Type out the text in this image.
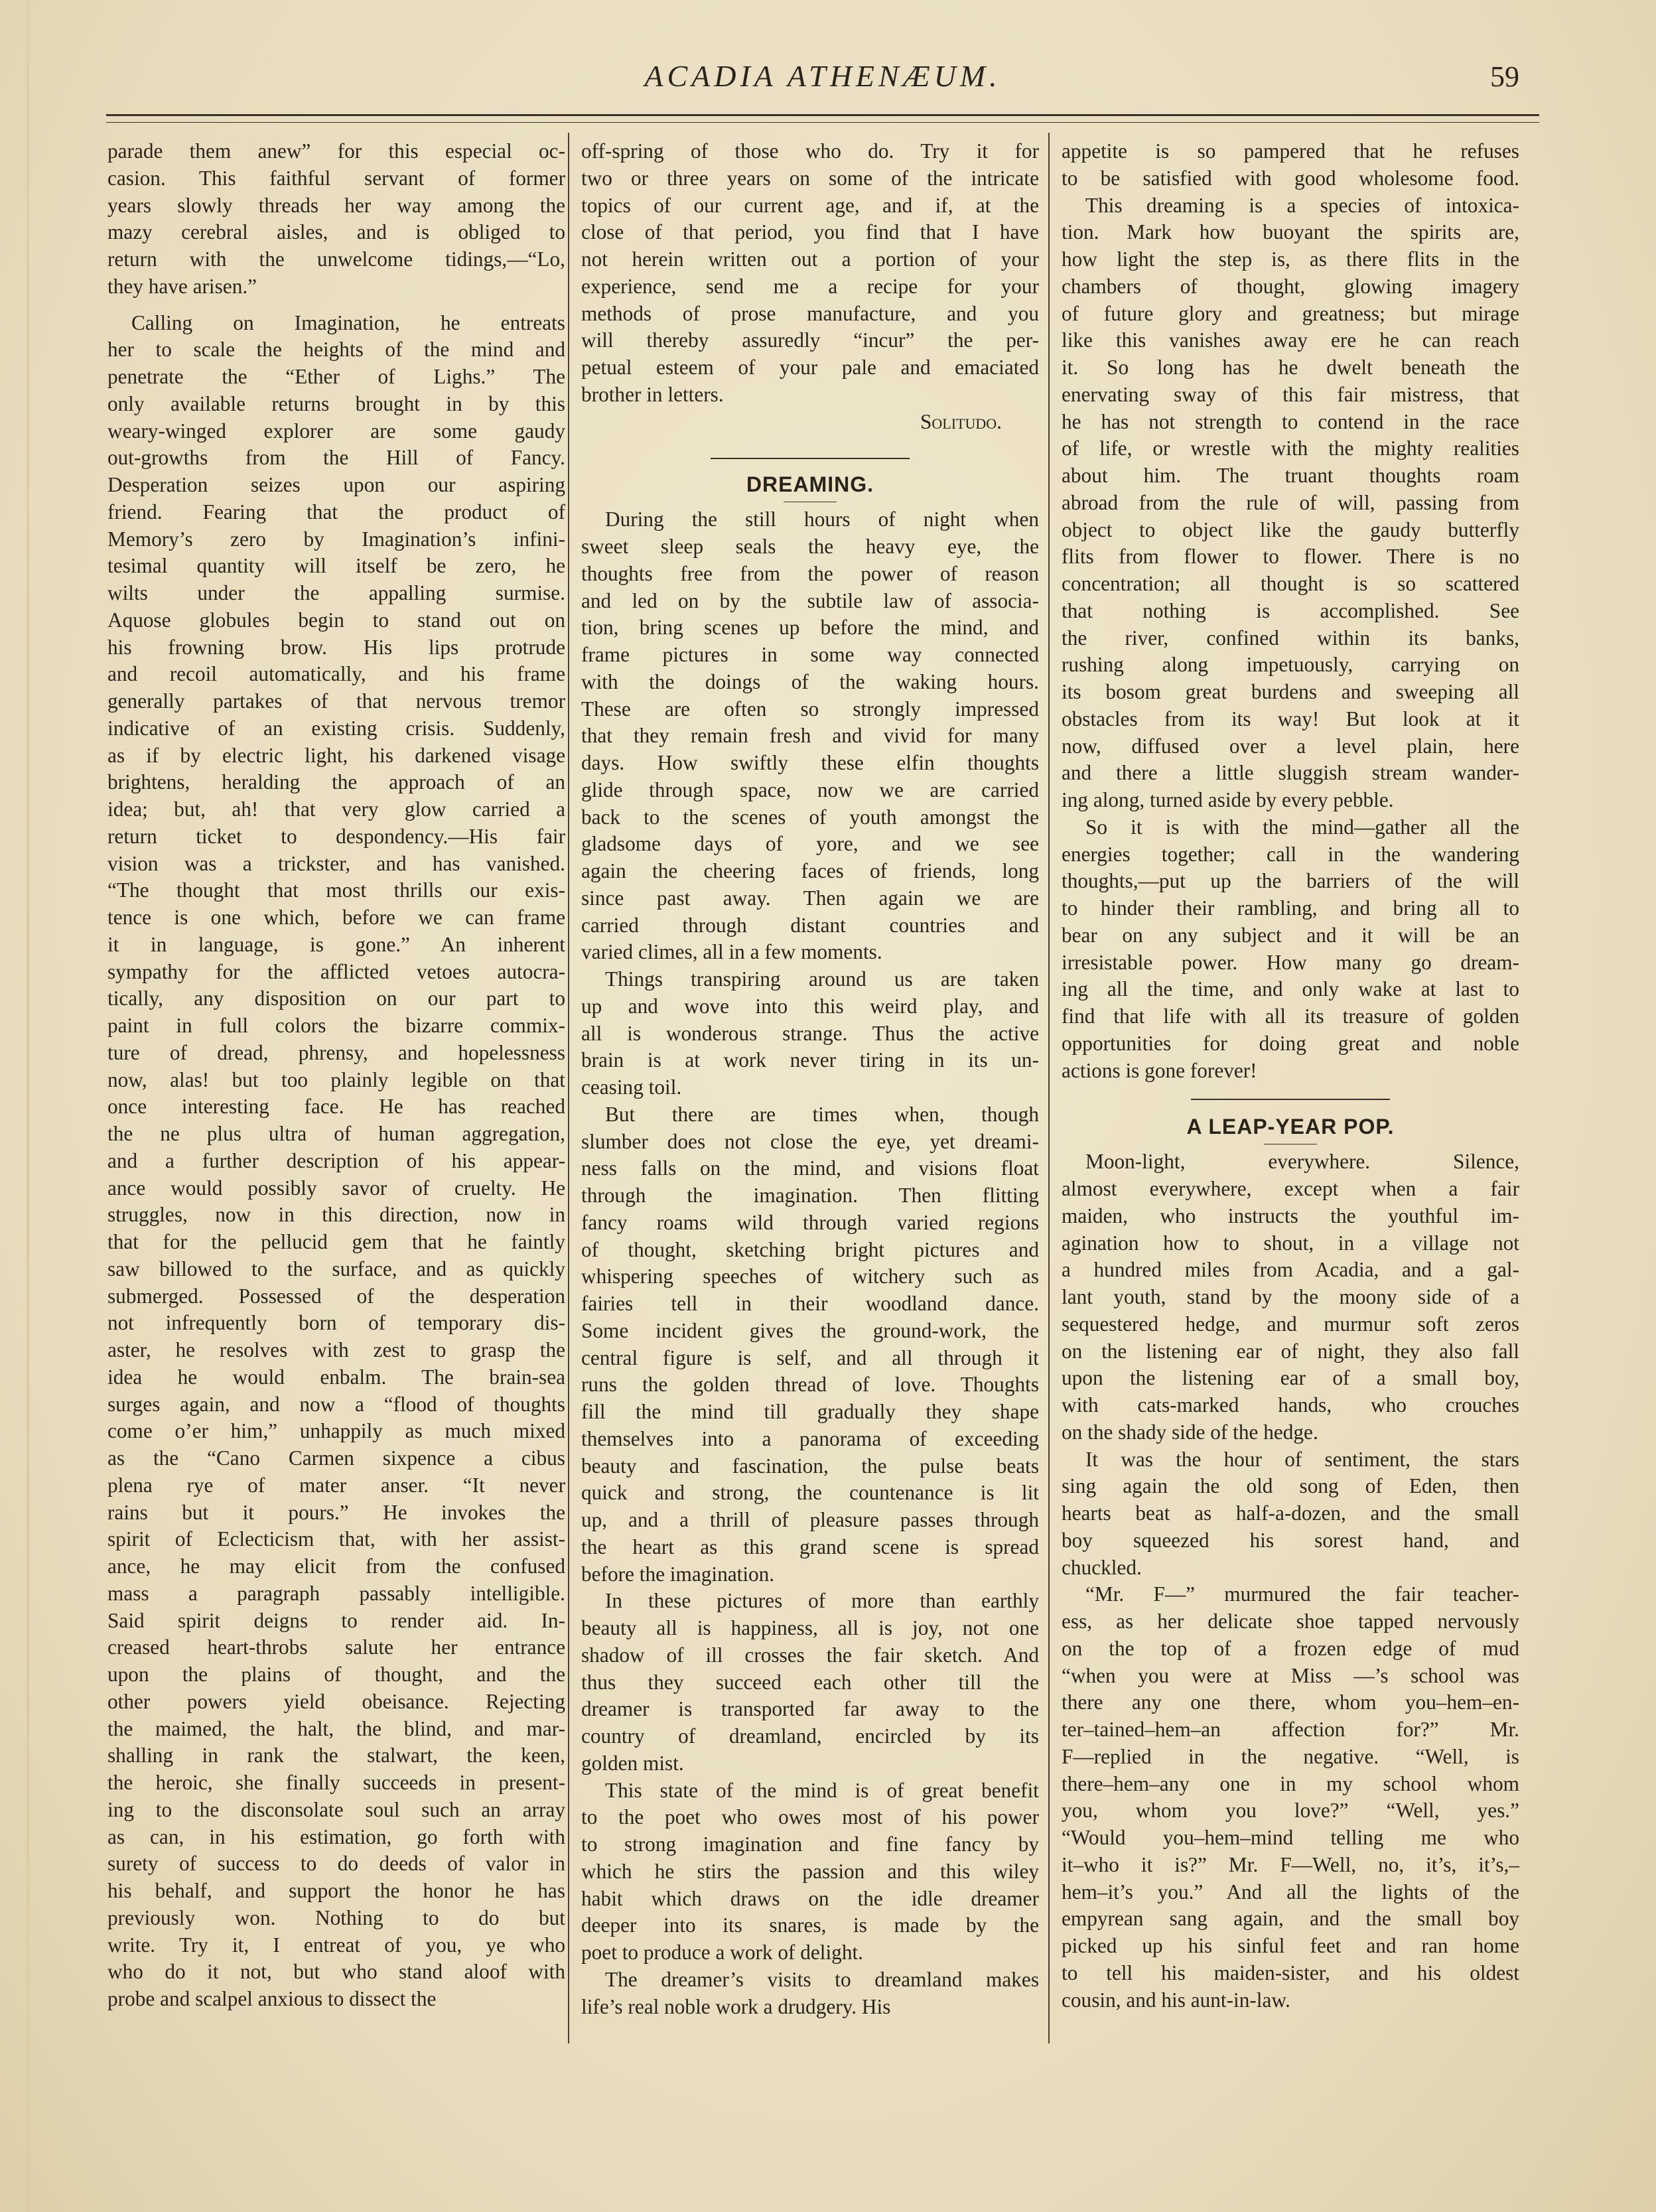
ACADIA ATHENÆUM.	59
parade them anew” for this especial oc-
casion. This faithful servant of former
years slowly threads her way among the
mazy cerebral aisles, and is obliged to
return with the unwelcome tidings,—“Lo,
they have arisen.”
Calling on Imagination, he entreats
her to scale the heights of the mind and
penetrate the “Ether of Lighs.” The
only available returns brought in by this
weary-winged explorer are some gaudy
out-growths from the Hill of Fancy.
Desperation seizes upon our aspiring
friend. Fearing that the product of
Memory’s zero by Imagination’s infini-
tesimal quantity will itself be zero, he
wilts under the appalling surmise.
Aquose globules begin to stand out on
his frowning brow. His lips protrude
and recoil automatically, and his frame
generally partakes of that nervous tremor
indicative of an existing crisis. Suddenly,
as if by electric light, his darkened visage
brightens, heralding the approach of an
idea; but, ah! that very glow carried a
return ticket to despondency.—His fair
vision was a trickster, and has vanished.
“The thought that most thrills our exis-
tence is one which, before we can frame
it in language, is gone.” An inherent
sympathy for the afflicted vetoes autocra-
tically, any disposition on our part to
paint in full colors the bizarre commix-
ture of dread, phrensy, and hopelessness
now, alas! but too plainly legible on that
once interesting face. He has reached
the ne plus ultra of human aggregation,
and a further description of his appear-
ance would possibly savor of cruelty. He
struggles, now in this direction, now in
that for the pellucid gem that he faintly
saw billowed to the surface, and as quickly
submerged. Possessed of the desperation
not infrequently born of temporary dis-
aster, he resolves with zest to grasp the
idea he would enbalm. The brain-sea
surges again, and now a “flood of thoughts
come o’er him,” unhappily as much mixed
as the “Cano Carmen sixpence a cibus
plena rye of mater anser. “It never
rains but it pours.” He invokes the
spirit of Eclecticism that, with her assist-
ance, he may elicit from the confused
mass a paragraph passably intelligible.
Said spirit deigns to render aid. In-
creased heart-throbs salute her entrance
upon the plains of thought, and the
other powers yield obeisance. Rejecting
the maimed, the halt, the blind, and mar-
shalling in rank the stalwart, the keen,
the heroic, she finally succeeds in present-
ing to the disconsolate soul such an array
as can, in his estimation, go forth with
surety of success to do deeds of valor in
his behalf, and support the honor he has
previously won. Nothing to do but
write. Try it, I entreat of you, ye who
who do it not, but who stand aloof with
probe and scalpel anxious to dissect the
off-spring of those who do. Try it for
two or three years on some of the intricate
topics of our current age, and if, at the
close of that period, you find that I have
not herein written out a portion of your
experience, send me a recipe for your
methods of prose manufacture, and you
will thereby assuredly “incur” the per-
petual esteem of your pale and emaciated
brother in letters.
Solitudo.
DREAMING.
During the still hours of night when
sweet sleep seals the heavy eye, the
thoughts free from the power of reason
and led on by the subtile law of associa-
tion, bring scenes up before the mind, and
frame pictures in some way connected
with the doings of the waking hours.
These are often so strongly impressed
that they remain fresh and vivid for many
days. How swiftly these elfin thoughts
glide through space, now we are carried
back to the scenes of youth amongst the
gladsome days of yore, and we see
again the cheering faces of friends, long
since past away. Then again we are
carried through distant countries and
varied climes, all in a few moments.
Things transpiring around us are taken
up and wove into this weird play, and
all is wonderous strange. Thus the active
brain is at work never tiring in its un-
ceasing toil.
But there are times when, though
slumber does not close the eye, yet dreami-
ness falls on the mind, and visions float
through the imagination. Then flitting
fancy roams wild through varied regions
of thought, sketching bright pictures and
whispering speeches of witchery such as
fairies tell in their woodland dance.
Some incident gives the ground-work, the
central figure is self, and all through it
runs the golden thread of love. Thoughts
fill the mind till gradually they shape
themselves into a panorama of exceeding
beauty and fascination, the pulse beats
quick and strong, the countenance is lit
up, and a thrill of pleasure passes through
the heart as this grand scene is spread
before the imagination.
In these pictures of more than earthly
beauty all is happiness, all is joy, not one
shadow of ill crosses the fair sketch. And
thus they succeed each other till the
dreamer is transported far away to the
country of dreamland, encircled by its
golden mist.
This state of the mind is of great benefit
to the poet who owes most of his power
to strong imagination and fine fancy by
which he stirs the passion and this wiley
habit which draws on the idle dreamer
deeper into its snares, is made by the
poet to produce a work of delight.
The dreamer’s visits to dreamland makes
life’s real noble work a drudgery. His
appetite is so pampered that he refuses
to be satisfied with good wholesome food.
This dreaming is a species of intoxica-
tion. Mark how buoyant the spirits are,
how light the step is, as there flits in the
chambers of thought, glowing imagery
of future glory and greatness; but mirage
like this vanishes away ere he can reach
it. So long has he dwelt beneath the
enervating sway of this fair mistress, that
he has not strength to contend in the race
of life, or wrestle with the mighty realities
about him. The truant thoughts roam
abroad from the rule of will, passing from
object to object like the gaudy butterfly
flits from flower to flower. There is no
concentration; all thought is so scattered
that nothing is accomplished. See
the river, confined within its banks,
rushing along impetuously, carrying on
its bosom great burdens and sweeping all
obstacles from its way! But look at it
now, diffused over a level plain, here
and there a little sluggish stream wander-
ing along, turned aside by every pebble.
So it is with the mind—gather all the
energies together; call in the wandering
thoughts,—put up the barriers of the will
to hinder their rambling, and bring all to
bear on any subject and it will be an
irresistable power. How many go dream-
ing all the time, and only wake at last to
find that life with all its treasure of golden
opportunities for doing great and noble
actions is gone forever!
A LEAP-YEAR POP.
Moon-light, everywhere. Silence,
almost everywhere, except when a fair
maiden, who instructs the youthful im-
agination how to shout, in a village not
a hundred miles from Acadia, and a gal-
lant youth, stand by the moony side of a
sequestered hedge, and murmur soft zeros
on the listening ear of night, they also fall
upon the listening ear of a small boy,
with cats-marked hands, who crouches
on the shady side of the hedge.
It was the hour of sentiment, the stars
sing again the old song of Eden, then
hearts beat as half-a-dozen, and the small
boy squeezed his sorest hand, and
chuckled.
“Mr. F—” murmured the fair teacher-
ess, as her delicate shoe tapped nervously
on the top of a frozen edge of mud
“when you were at Miss —’s school was
there any one there, whom you–hem–en-
ter–tained–hem–an affection for?” Mr.
F—replied in the negative. “Well, is
there–hem–any one in my school whom
you, whom you love?” “Well, yes.”
“Would you–hem–mind telling me who
it–who it is?” Mr. F—Well, no, it’s, it’s,–
hem–it’s you.” And all the lights of the
empyrean sang again, and the small boy
picked up his sinful feet and ran home
to tell his maiden-sister, and his oldest
cousin, and his aunt-in-law.
